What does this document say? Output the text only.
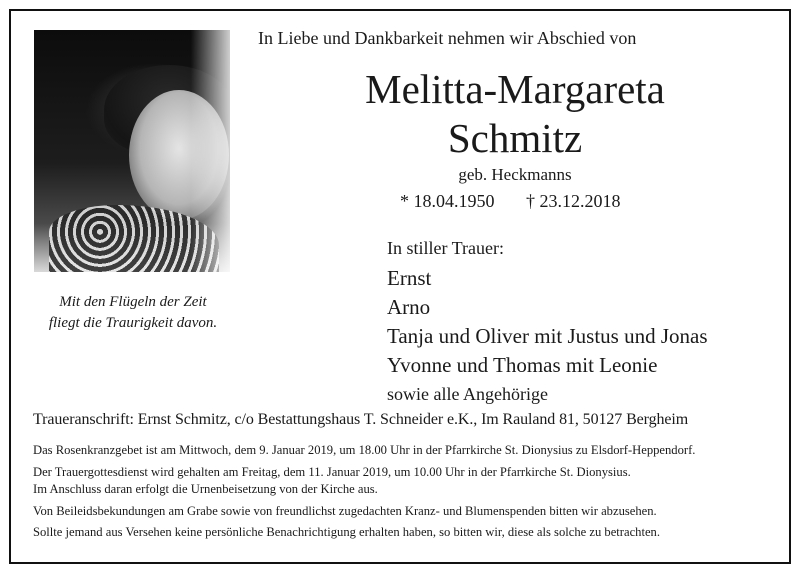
Mit den Flügeln der Zeit
fliegt die Traurigkeit davon.
In Liebe und Dankbarkeit nehmen wir Abschied von
Melitta-Margareta
Schmitz
geb. Heckmanns
* 18.04.1950 † 23.12.2018
In stiller Trauer:
Ernst
Arno
Tanja und Oliver mit Justus und Jonas
Yvonne und Thomas mit Leonie
sowie alle Angehörige
Traueranschrift: Ernst Schmitz, c/o Bestattungshaus T. Schneider e.K., Im Rauland 81, 50127 Bergheim
Das Rosenkranzgebet ist am Mittwoch, dem 9. Januar 2019, um 18.00 Uhr in der Pfarrkirche St. Dionysius zu Elsdorf-Heppendorf.
Der Trauergottesdienst wird gehalten am Freitag, dem 11. Januar 2019, um 10.00 Uhr in der Pfarrkirche St. Dionysius.
Im Anschluss daran erfolgt die Urnenbeisetzung von der Kirche aus.
Von Beileidsbekundungen am Grabe sowie von freundlichst zugedachten Kranz- und Blumenspenden bitten wir abzusehen.
Sollte jemand aus Versehen keine persönliche Benachrichtigung erhalten haben, so bitten wir, diese als solche zu betrachten.
